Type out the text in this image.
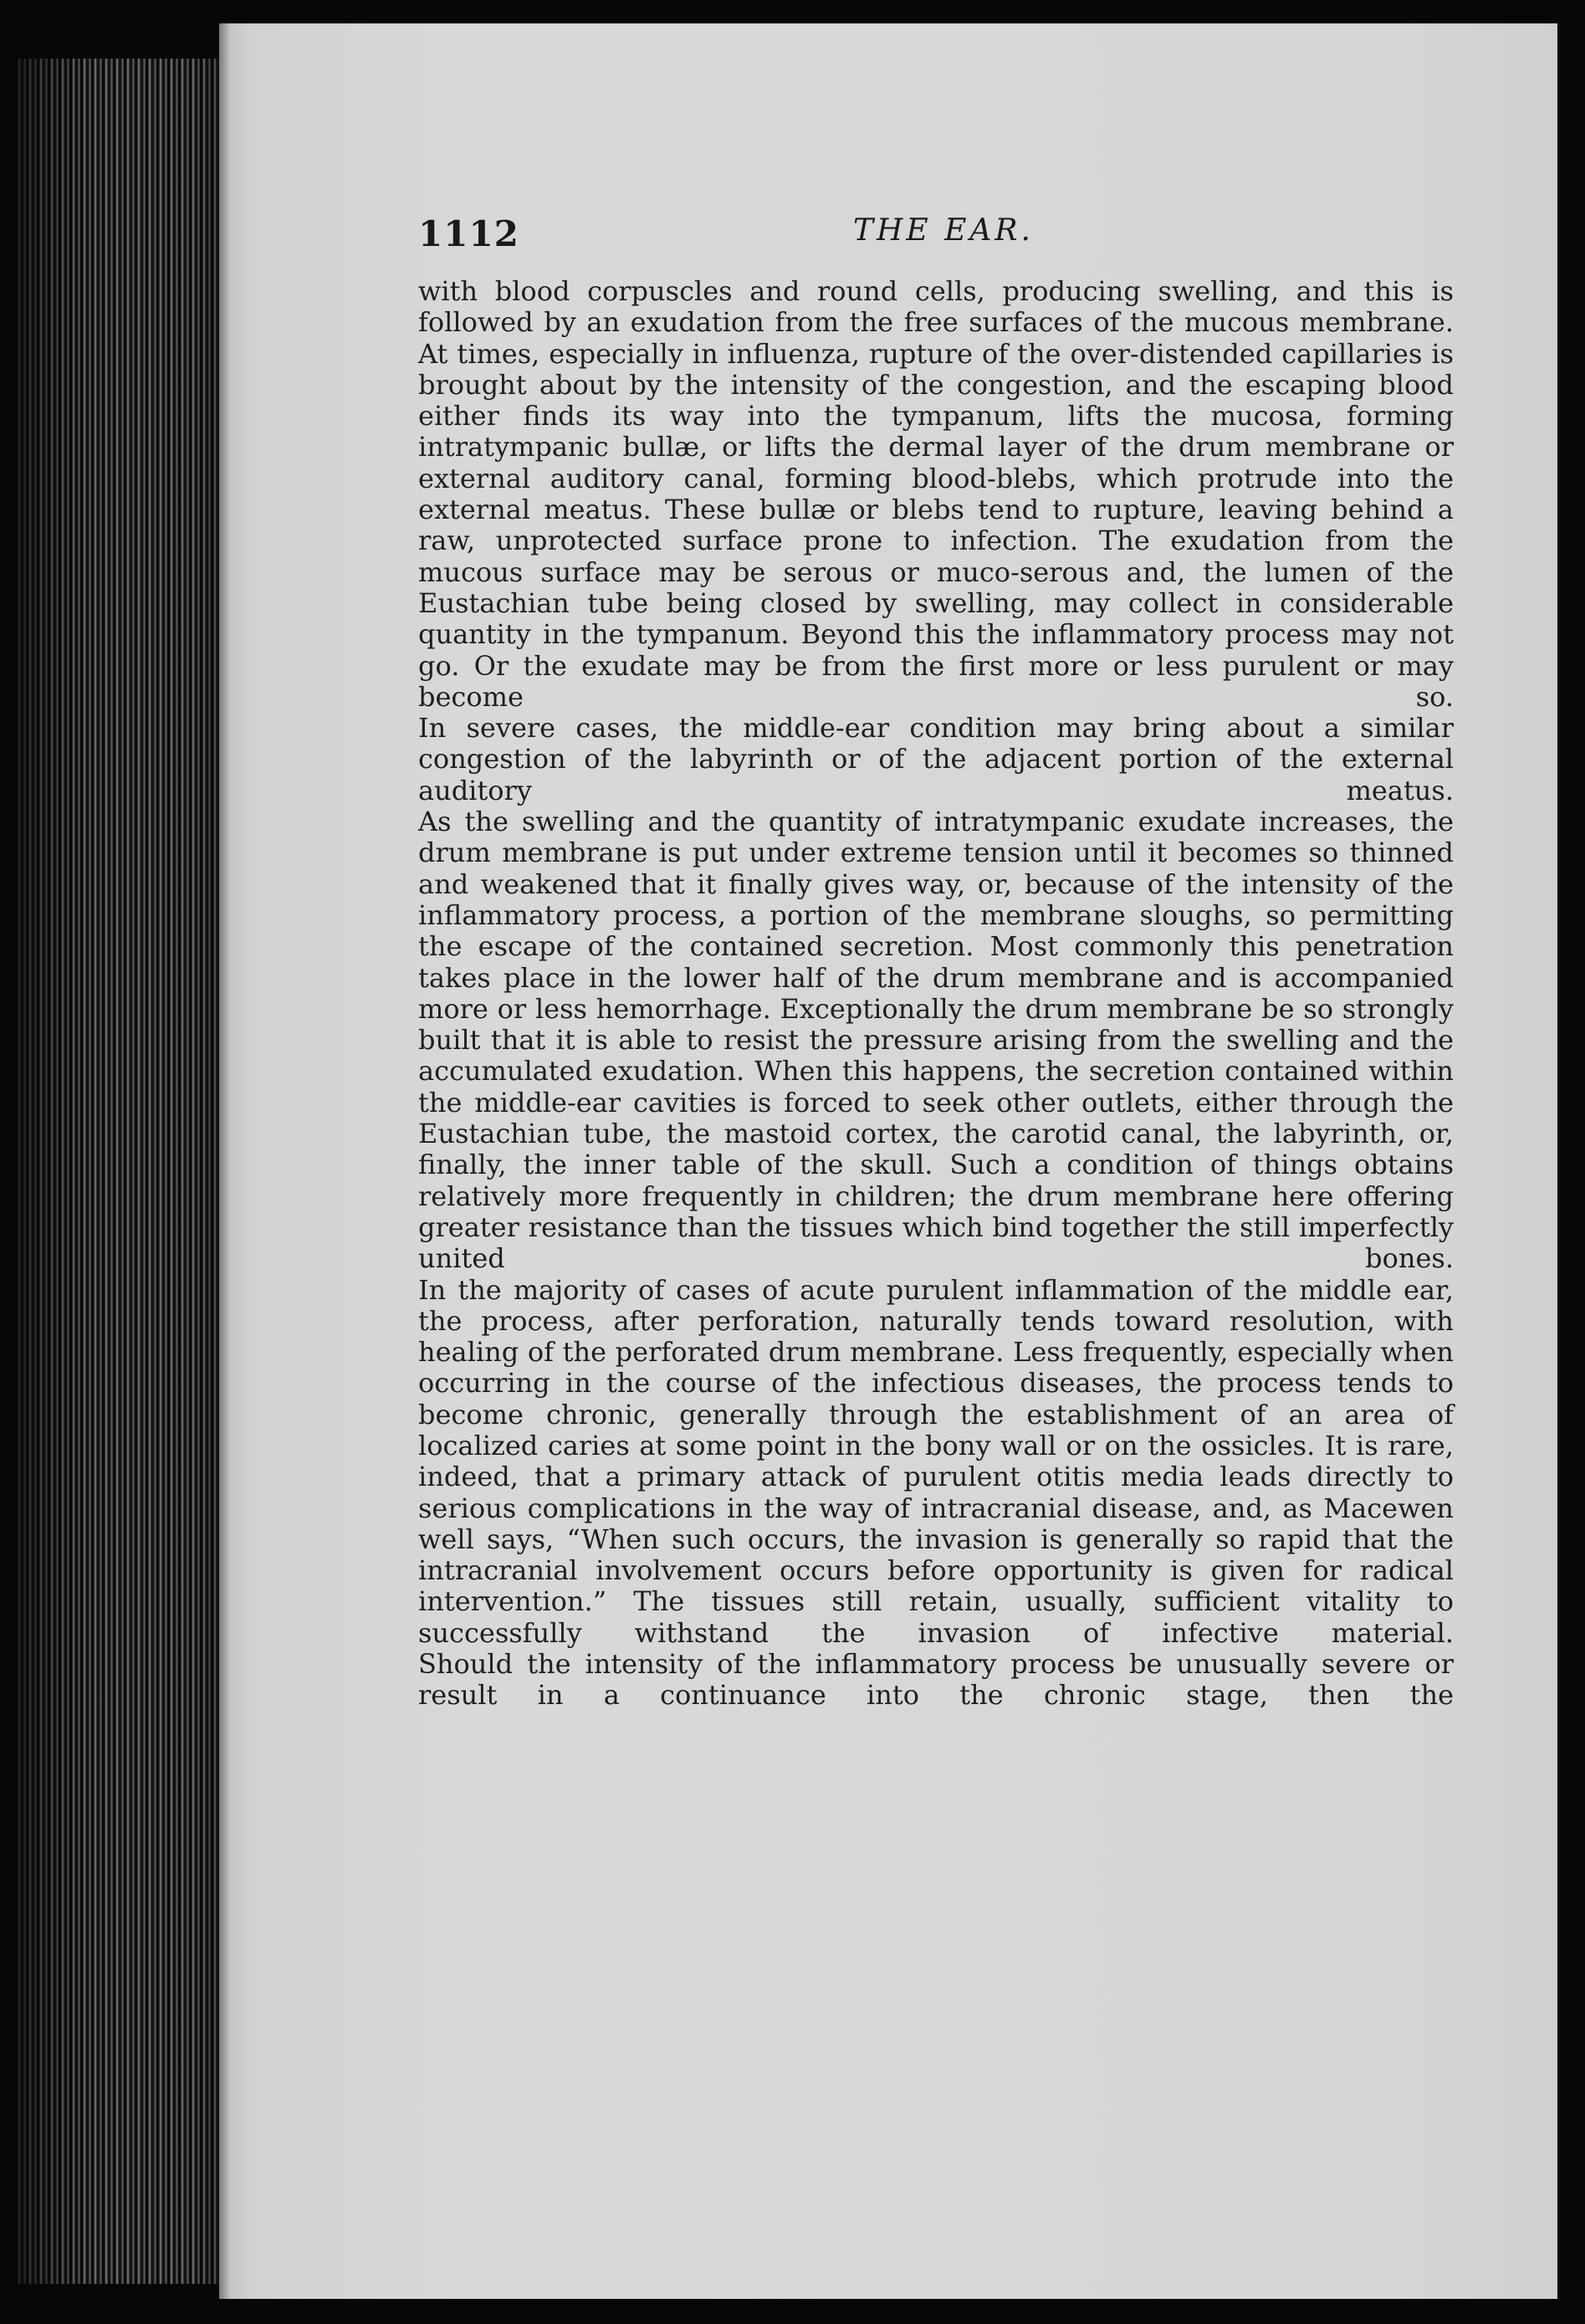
1112	THE EAR.

with blood corpuscles and round cells, producing swelling, and this is followed by an exudation from the free surfaces of the mucous membrane. At times, especially in influenza, rupture of the over-distended capillaries is brought about by the intensity of the congestion, and the escaping blood either finds its way into the tympanum, lifts the mucosa, forming intratympanic bullæ, or lifts the dermal layer of the drum membrane or external auditory canal, forming blood-blebs, which protrude into the external meatus. These bullæ or blebs tend to rupture, leaving behind a raw, unprotected surface prone to infection. The exudation from the mucous surface may be serous or muco-serous and, the lumen of the Eustachian tube being closed by swelling, may collect in considerable quantity in the tympanum. Beyond this the inflammatory process may not go. Or the exudate may be from the first more or less purulent or may become so.

In severe cases, the middle-ear condition may bring about a similar congestion of the labyrinth or of the adjacent portion of the external auditory meatus.

As the swelling and the quantity of intratympanic exudate increases, the drum membrane is put under extreme tension until it becomes so thinned and weakened that it finally gives way, or, because of the intensity of the inflammatory process, a portion of the membrane sloughs, so permitting the escape of the contained secretion. Most commonly this penetration takes place in the lower half of the drum membrane and is accompanied more or less hemorrhage. Exceptionally the drum membrane be so strongly built that it is able to resist the pressure arising from the swelling and the accumulated exudation. When this happens, the secretion contained within the middle-ear cavities is forced to seek other outlets, either through the Eustachian tube, the mastoid cortex, the carotid canal, the labyrinth, or, finally, the inner table of the skull. Such a condition of things obtains relatively more frequently in children; the drum membrane here offering greater resistance than the tissues which bind together the still imperfectly united bones.

In the majority of cases of acute purulent inflammation of the middle ear, the process, after perforation, naturally tends toward resolution, with healing of the perforated drum membrane. Less frequently, especially when occurring in the course of the infectious diseases, the process tends to become chronic, generally through the establishment of an area of localized caries at some point in the bony wall or on the ossicles. It is rare, indeed, that a primary attack of purulent otitis media leads directly to serious complications in the way of intracranial disease, and, as Macewen well says, “When such occurs, the invasion is generally so rapid that the intracranial involvement occurs before opportunity is given for radical intervention.” The tissues still retain, usually, sufficient vitality to successfully withstand the invasion of infective material.

Should the intensity of the inflammatory process be unusually severe or result in a continuance into the chronic stage, then the
